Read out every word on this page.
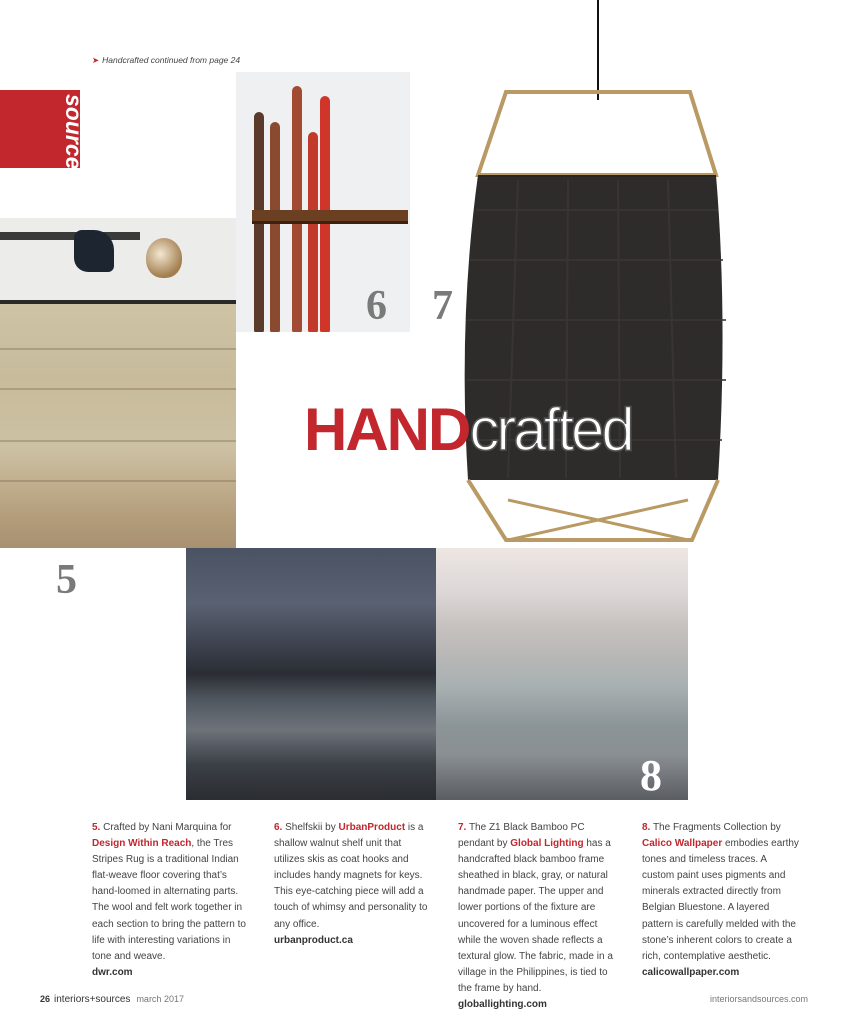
➤ Handcrafted continued from page 24
sources
6 7
HANDcrafted
5
8
5. Crafted by Nani Marquina for Design Within Reach, the Tres Stripes Rug is a traditional Indian flat-weave floor covering that’s hand-loomed in alternating parts. The wool and felt work together in each section to bring the pattern to life with interesting variations in tone and weave.
dwr.com
6. Shelfskii by UrbanProduct is a shallow walnut shelf unit that utilizes skis as coat hooks and includes handy magnets for keys. This eye-catching piece will add a touch of whimsy and personality to any office.
urbanproduct.ca
7. The Z1 Black Bamboo PC pendant by Global Lighting has a handcrafted black bamboo frame sheathed in black, gray, or natural handmade paper. The upper and lower portions of the fixture are uncovered for a luminous effect while the woven shade reflects a textural glow. The fabric, made in a village in the Philippines, is tied to the frame by hand.
globallighting.com
8. The Fragments Collection by Calico Wallpaper embodies earthy tones and timeless traces. A custom paint uses pigments and minerals extracted directly from Belgian Bluestone. A layered pattern is carefully melded with the stone’s inherent colors to create a rich, contemplative aesthetic.
calicowallpaper.com
26 interiors+sources march 2017	interiorsandsources.com
